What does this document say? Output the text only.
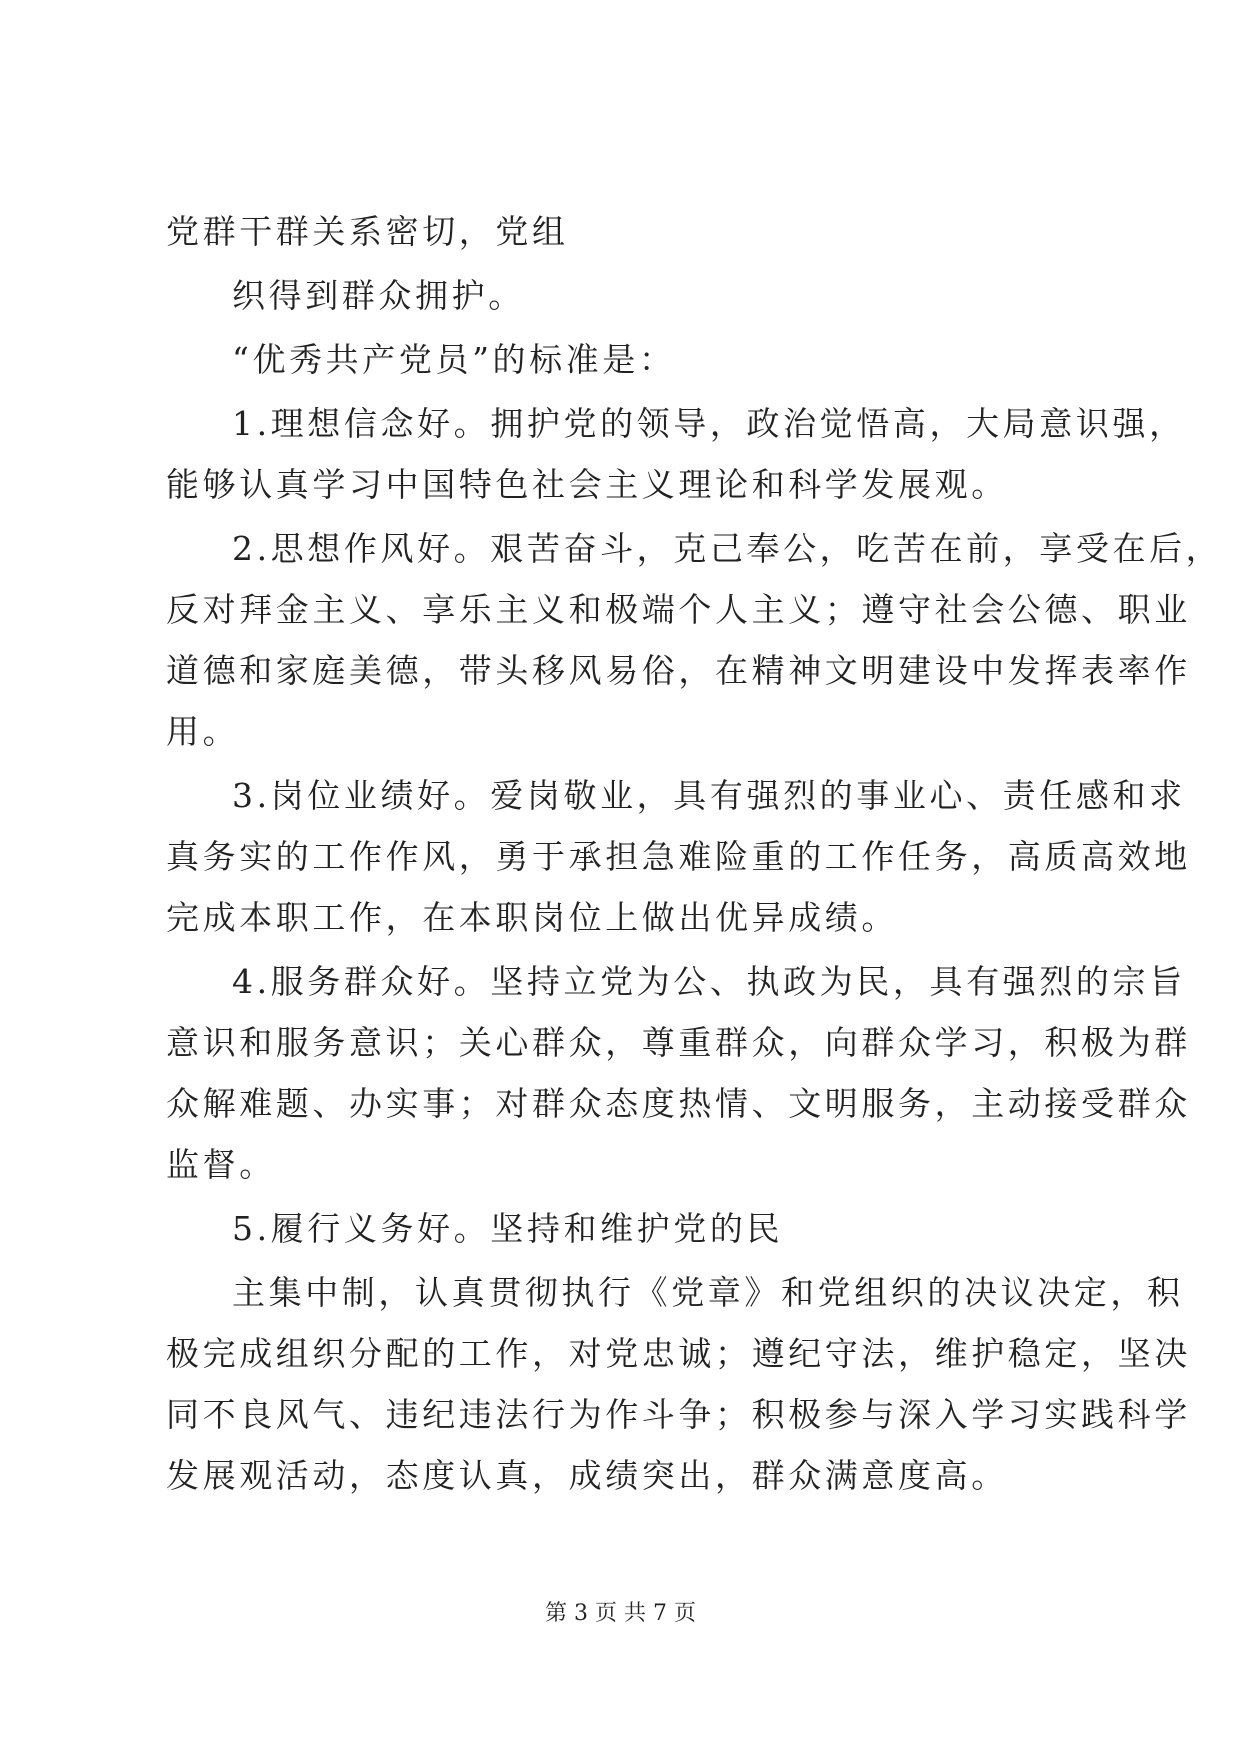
党群干群关系密切，党组
织得到群众拥护。
“优秀共产党员”的标准是：
1.理想信念好。拥护党的领导，政治觉悟高，大局意识强，
能够认真学习中国特色社会主义理论和科学发展观。
2.思想作风好。艰苦奋斗，克己奉公，吃苦在前，享受在后，
反对拜金主义、享乐主义和极端个人主义；遵守社会公德、职业
道德和家庭美德，带头移风易俗，在精神文明建设中发挥表率作
用。
3.岗位业绩好。爱岗敬业，具有强烈的事业心、责任感和求
真务实的工作作风，勇于承担急难险重的工作任务，高质高效地
完成本职工作，在本职岗位上做出优异成绩。
4.服务群众好。坚持立党为公、执政为民，具有强烈的宗旨
意识和服务意识；关心群众，尊重群众，向群众学习，积极为群
众解难题、办实事；对群众态度热情、文明服务，主动接受群众
监督。
5.履行义务好。坚持和维护党的民
主集中制，认真贯彻执行《党章》和党组织的决议决定，积
极完成组织分配的工作，对党忠诚；遵纪守法，维护稳定，坚决
同不良风气、违纪违法行为作斗争；积极参与深入学习实践科学
发展观活动，态度认真，成绩突出，群众满意度高。
第 3 页 共 7 页
